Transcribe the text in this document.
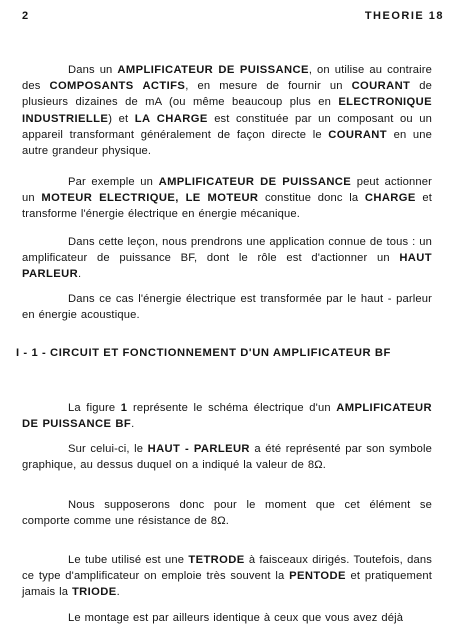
2	THEORIE 18

Dans un AMPLIFICATEUR DE PUISSANCE, on utilise au contraire des COMPOSANTS ACTIFS, en mesure de fournir un COURANT de plusieurs dizaines de mA (ou même beaucoup plus en ELECTRONIQUE INDUSTRIELLE) et LA CHARGE est constituée par un composant ou un appareil transformant généralement de façon directe le COURANT en une autre grandeur physique.

Par exemple un AMPLIFICATEUR DE PUISSANCE peut actionner un MOTEUR ELECTRIQUE, LE MOTEUR constitue donc la CHARGE et transforme l'énergie électrique en énergie mécanique.

Dans cette leçon, nous prendrons une application connue de tous : un amplificateur de puissance BF, dont le rôle est d'actionner un HAUT PARLEUR.

Dans ce cas l'énergie électrique est transformée par le haut - parleur en énergie acoustique.

I - 1 - CIRCUIT ET FONCTIONNEMENT D'UN AMPLIFICATEUR BF

La figure 1 représente le schéma électrique d'un AMPLIFICATEUR DE PUISSANCE BF.

Sur celui-ci, le HAUT - PARLEUR a été représenté par son symbole graphique, au dessus duquel on a indiqué la valeur de 8Ω.

Nous supposerons donc pour le moment que cet élément se comporte comme une résistance de 8Ω.

Le tube utilisé est une TETRODE à faisceaux dirigés. Toutefois, dans ce type d'amplificateur on emploie très souvent la PENTODE et pratiquement jamais la TRIODE.

Le montage est par ailleurs identique à ceux que vous avez déjà
